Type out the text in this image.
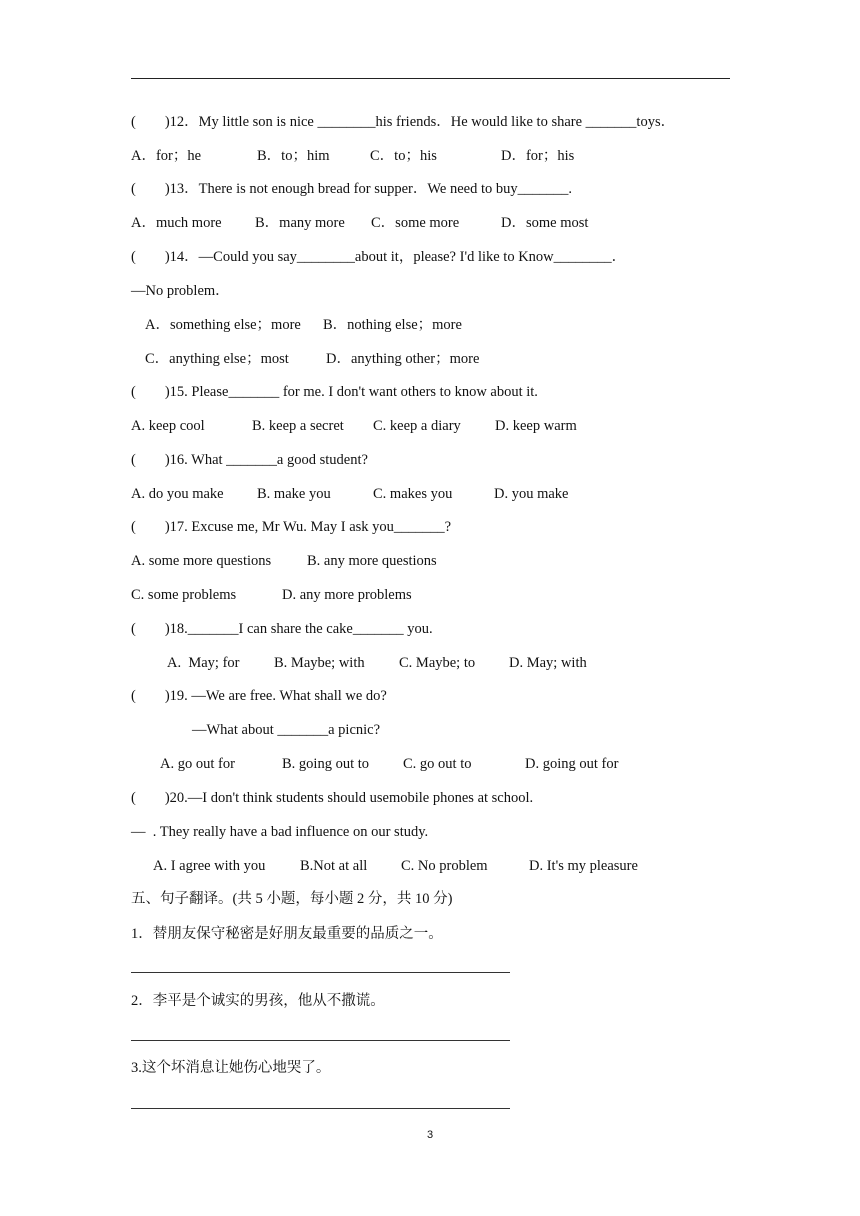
(        )12．My little son is nice ________his friends．He would like to share _______toys．
A．for；he	B．to；him	C．to；his	D．for；his
(        )13．There is not enough bread for supper．We need to buy_______.
A．much more B．many more C．some more	D．some most
(        )14．—Could you say________about it，please? I'd like to Know________．
—No problem．
A．something else；more B．nothing else；more
C．anything else；most	D．anything other；more
(        )15. Please_______ for me. I don't want others to know about it.
A. keep cool	B. keep a secret C. keep a diary D. keep warm
(        )16. What _______a good student?
A. do you make B. make you	C. makes you	D. you make
(        )17. Excuse me, Mr Wu. May I ask you_______?
A. some more questions B. any more questions
C. some problems	D. any more problems
(        )18._______I can share the cake_______ you.
A.  May; for B. Maybe; with C. Maybe; to D. May; with
(        )19. —We are free. What shall we do?
—What about _______a picnic?
A. go out for	B. going out to C. go out to	D. going out for
(        )20.—I don't think students should usemobile phones at school.
—  . They really have a bad influence on our study.
A. I agree with you B.Not at all C. No problem	D. It's my pleasure
五、句子翻译。(共 5 小题，每小题 2 分，共 10 分)
1．替朋友保守秘密是好朋友最重要的品质之一。
2．李平是个诚实的男孩，他从不撒谎。
3.这个坏消息让她伤心地哭了。
3
